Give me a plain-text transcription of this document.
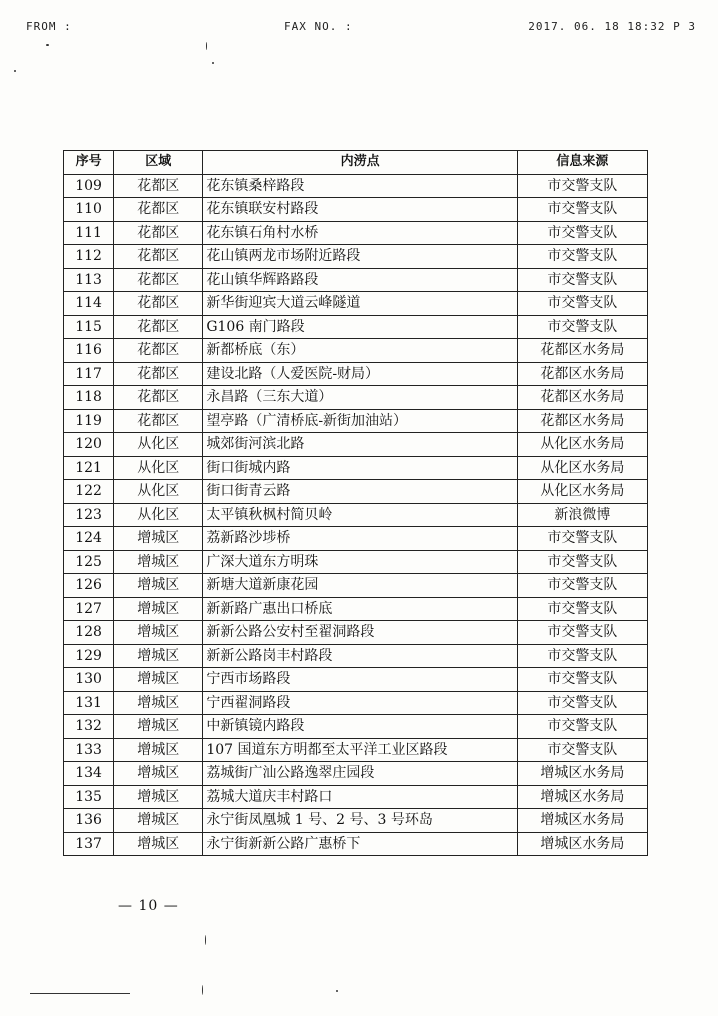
FROM :	FAX NO. :	2017. 06. 18 18:32 P 3
序号	区域	内涝点	信息来源
109	花都区	花东镇桑梓路段	市交警支队
110	花都区	花东镇联安村路段	市交警支队
111	花都区	花东镇石角村水桥	市交警支队
112	花都区	花山镇两龙市场附近路段	市交警支队
113	花都区	花山镇华辉路路段	市交警支队
114	花都区	新华街迎宾大道云峰隧道	市交警支队
115	花都区	G106 南门路段	市交警支队
116	花都区	新都桥底（东）	花都区水务局
117	花都区	建设北路（人爱医院-财局）	花都区水务局
118	花都区	永昌路（三东大道）	花都区水务局
119	花都区	望亭路（广清桥底-新街加油站）	花都区水务局
120	从化区	城郊街河滨北路	从化区水务局
121	从化区	街口街城内路	从化区水务局
122	从化区	街口街青云路	从化区水务局
123	从化区	太平镇秋枫村简贝岭	新浪微博
124	增城区	荔新路沙埗桥	市交警支队
125	增城区	广深大道东方明珠	市交警支队
126	增城区	新塘大道新康花园	市交警支队
127	增城区	新新路广惠出口桥底	市交警支队
128	增城区	新新公路公安村至翟洞路段	市交警支队
129	增城区	新新公路岗丰村路段	市交警支队
130	增城区	宁西市场路段	市交警支队
131	增城区	宁西翟洞路段	市交警支队
132	增城区	中新镇镜内路段	市交警支队
133	增城区	107 国道东方明都至太平洋工业区路段	市交警支队
134	增城区	荔城街广汕公路逸翠庄园段	增城区水务局
135	增城区	荔城大道庆丰村路口	增城区水务局
136	增城区	永宁街凤凰城 1 号、2 号、3 号环岛	增城区水务局
137	增城区	永宁街新新公路广惠桥下	增城区水务局
— 10 —
